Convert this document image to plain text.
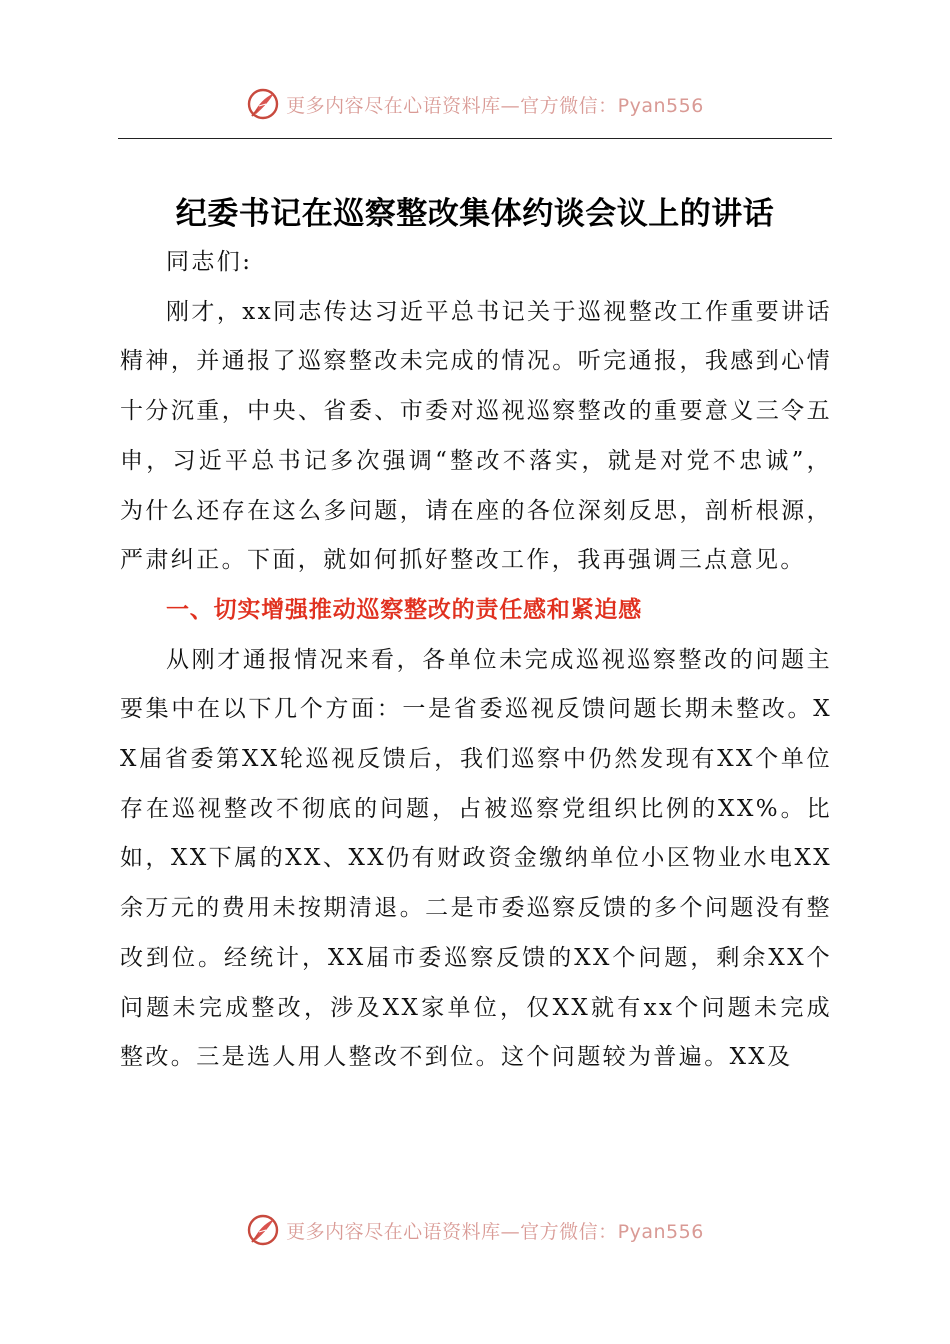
更多内容尽在心语资料库—官方微信：Pyan556
纪委书记在巡察整改集体约谈会议上的讲话

同志们:

刚才，xx同志传达习近平总书记关于巡视整改工作重要讲话精神，并通报了巡察整改未完成的情况。听完通报，我感到心情十分沉重，中央、省委、市委对巡视巡察整改的重要意义三令五申，习近平总书记多次强调“整改不落实，就是对党不忠诚”，为什么还存在这么多问题，请在座的各位深刻反思，剖析根源，严肃纠正。下面，就如何抓好整改工作，我再强调三点意见。

一、切实增强推动巡察整改的责任感和紧迫感

从刚才通报情况来看，各单位未完成巡视巡察整改的问题主要集中在以下几个方面：一是省委巡视反馈问题长期未整改。XX届省委第XX轮巡视反馈后，我们巡察中仍然发现有XX个单位存在巡视整改不彻底的问题，占被巡察党组织比例的XX%。比如，XX下属的XX、XX仍有财政资金缴纳单位小区物业水电XX余万元的费用未按期清退。二是市委巡察反馈的多个问题没有整改到位。经统计，XX届市委巡察反馈的XX个问题，剩余XX个问题未完成整改，涉及XX家单位，仅XX就有xx个问题未完成整改。三是选人用人整改不到位。这个问题较为普遍。XX及

更多内容尽在心语资料库—官方微信：Pyan556
